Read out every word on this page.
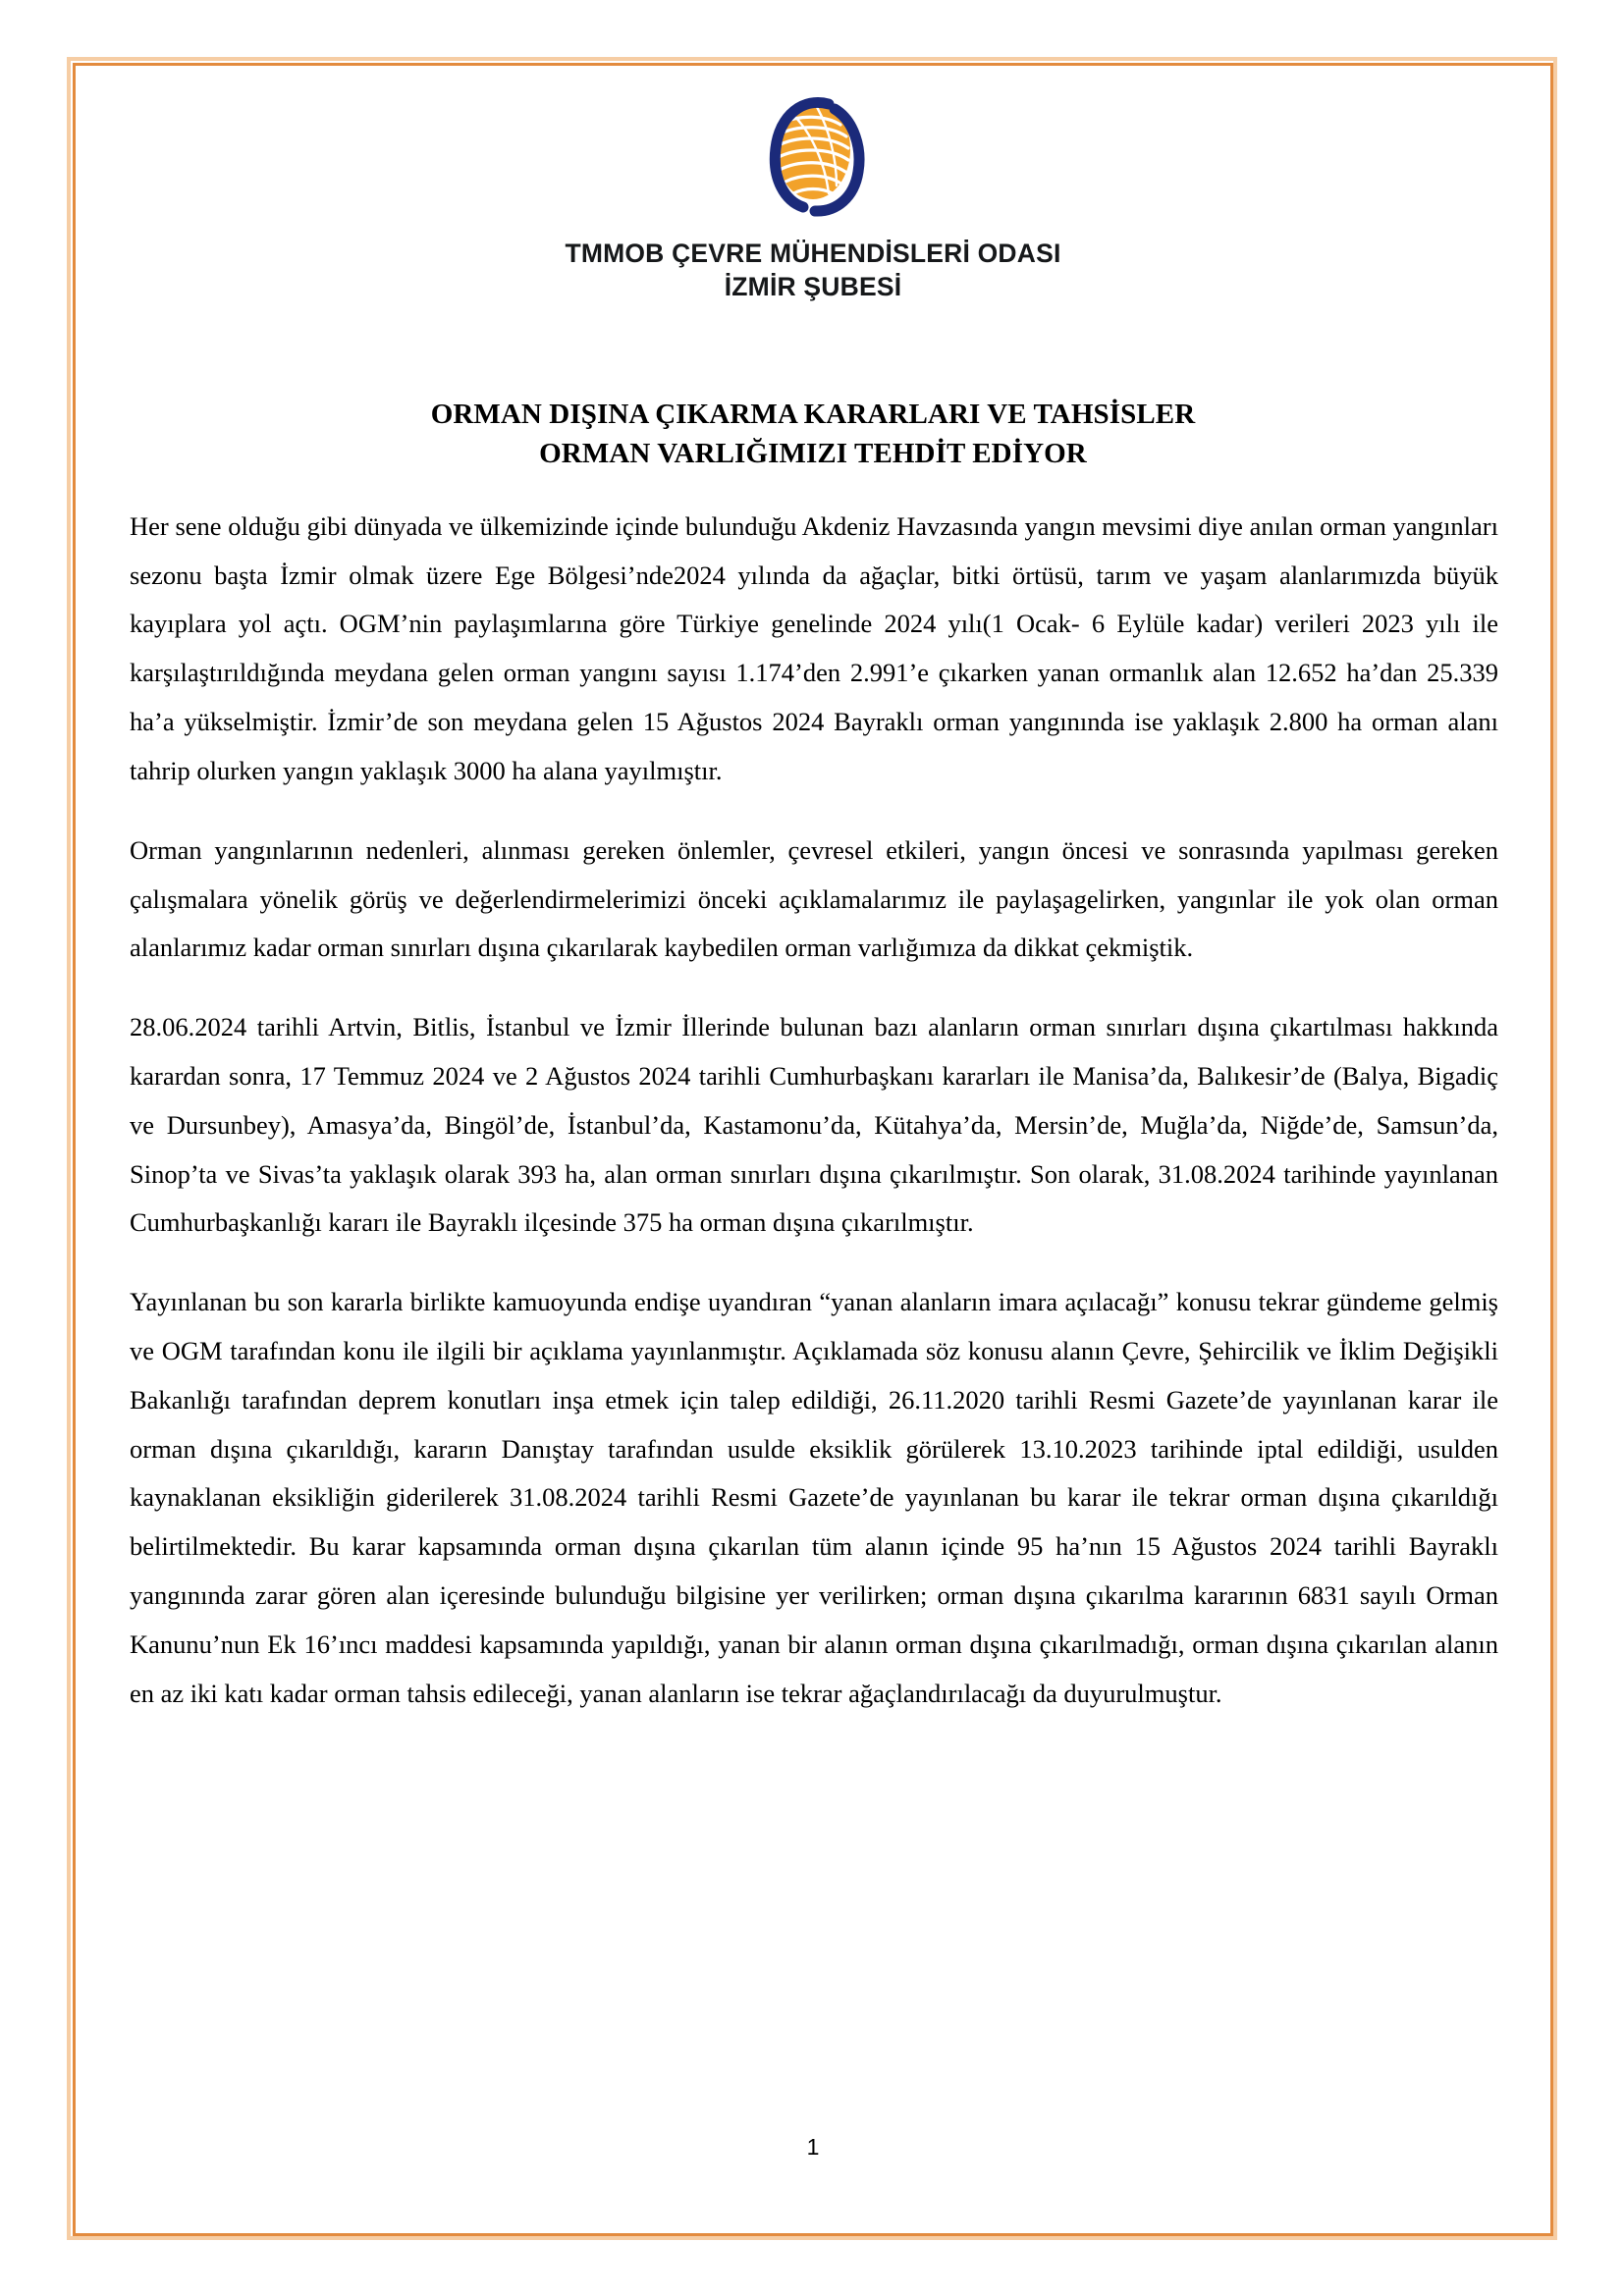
TMMOB ÇEVRE MÜHENDİSLERİ ODASI
İZMİR ŞUBESİ
ORMAN DIŞINA ÇIKARMA KARARLARI VE TAHSİSLER
ORMAN VARLIĞIMIZI TEHDİT EDİYOR

Her sene olduğu gibi dünyada ve ülkemizinde içinde bulunduğu Akdeniz Havzasında yangın mevsimi diye anılan orman yangınları sezonu başta İzmir olmak üzere Ege Bölgesi’nde2024 yılında da ağaçlar, bitki örtüsü, tarım ve yaşam alanlarımızda büyük kayıplara yol açtı. OGM’nin paylaşımlarına göre Türkiye genelinde 2024 yılı(1 Ocak- 6 Eylüle kadar) verileri 2023 yılı ile karşılaştırıldığında meydana gelen orman yangını sayısı 1.174’den 2.991’e çıkarken yanan ormanlık alan 12.652 ha’dan 25.339 ha’a yükselmiştir. İzmir’de son meydana gelen 15 Ağustos 2024 Bayraklı orman yangınında ise yaklaşık 2.800 ha orman alanı tahrip olurken yangın yaklaşık 3000 ha alana yayılmıştır.

Orman yangınlarının nedenleri, alınması gereken önlemler, çevresel etkileri, yangın öncesi ve sonrasında yapılması gereken çalışmalara yönelik görüş ve değerlendirmelerimizi önceki açıklamalarımız ile paylaşagelirken, yangınlar ile yok olan orman alanlarımız kadar orman sınırları dışına çıkarılarak kaybedilen orman varlığımıza da dikkat çekmiştik.

28.06.2024 tarihli Artvin, Bitlis, İstanbul ve İzmir İllerinde bulunan bazı alanların orman sınırları dışına çıkartılması hakkında karardan sonra, 17 Temmuz 2024 ve 2 Ağustos 2024 tarihli Cumhurbaşkanı kararları ile Manisa’da, Balıkesir’de (Balya, Bigadiç ve Dursunbey), Amasya’da, Bingöl’de, İstanbul’da, Kastamonu’da, Kütahya’da, Mersin’de, Muğla’da, Niğde’de, Samsun’da, Sinop’ta ve Sivas’ta yaklaşık olarak 393 ha, alan orman sınırları dışına çıkarılmıştır. Son olarak, 31.08.2024 tarihinde yayınlanan Cumhurbaşkanlığı kararı ile Bayraklı ilçesinde 375 ha orman dışına çıkarılmıştır.

Yayınlanan bu son kararla birlikte kamuoyunda endişe uyandıran “yanan alanların imara açılacağı” konusu tekrar gündeme gelmiş ve OGM tarafından konu ile ilgili bir açıklama yayınlanmıştır. Açıklamada söz konusu alanın Çevre, Şehircilik ve İklim Değişikli Bakanlığı tarafından deprem konutları inşa etmek için talep edildiği, 26.11.2020 tarihli Resmi Gazete’de yayınlanan karar ile orman dışına çıkarıldığı, kararın Danıştay tarafından usulde eksiklik görülerek 13.10.2023 tarihinde iptal edildiği, usulden kaynaklanan eksikliğin giderilerek 31.08.2024 tarihli Resmi Gazete’de yayınlanan bu karar ile tekrar orman dışına çıkarıldığı belirtilmektedir. Bu karar kapsamında orman dışına çıkarılan tüm alanın içinde 95 ha’nın 15 Ağustos 2024 tarihli Bayraklı yangınında zarar gören alan içeresinde bulunduğu bilgisine yer verilirken; orman dışına çıkarılma kararının 6831 sayılı Orman Kanunu’nun Ek 16’ıncı maddesi kapsamında yapıldığı, yanan bir alanın orman dışına çıkarılmadığı, orman dışına çıkarılan alanın en az iki katı kadar orman tahsis edileceği, yanan alanların ise tekrar ağaçlandırılacağı da duyurulmuştur.

1
